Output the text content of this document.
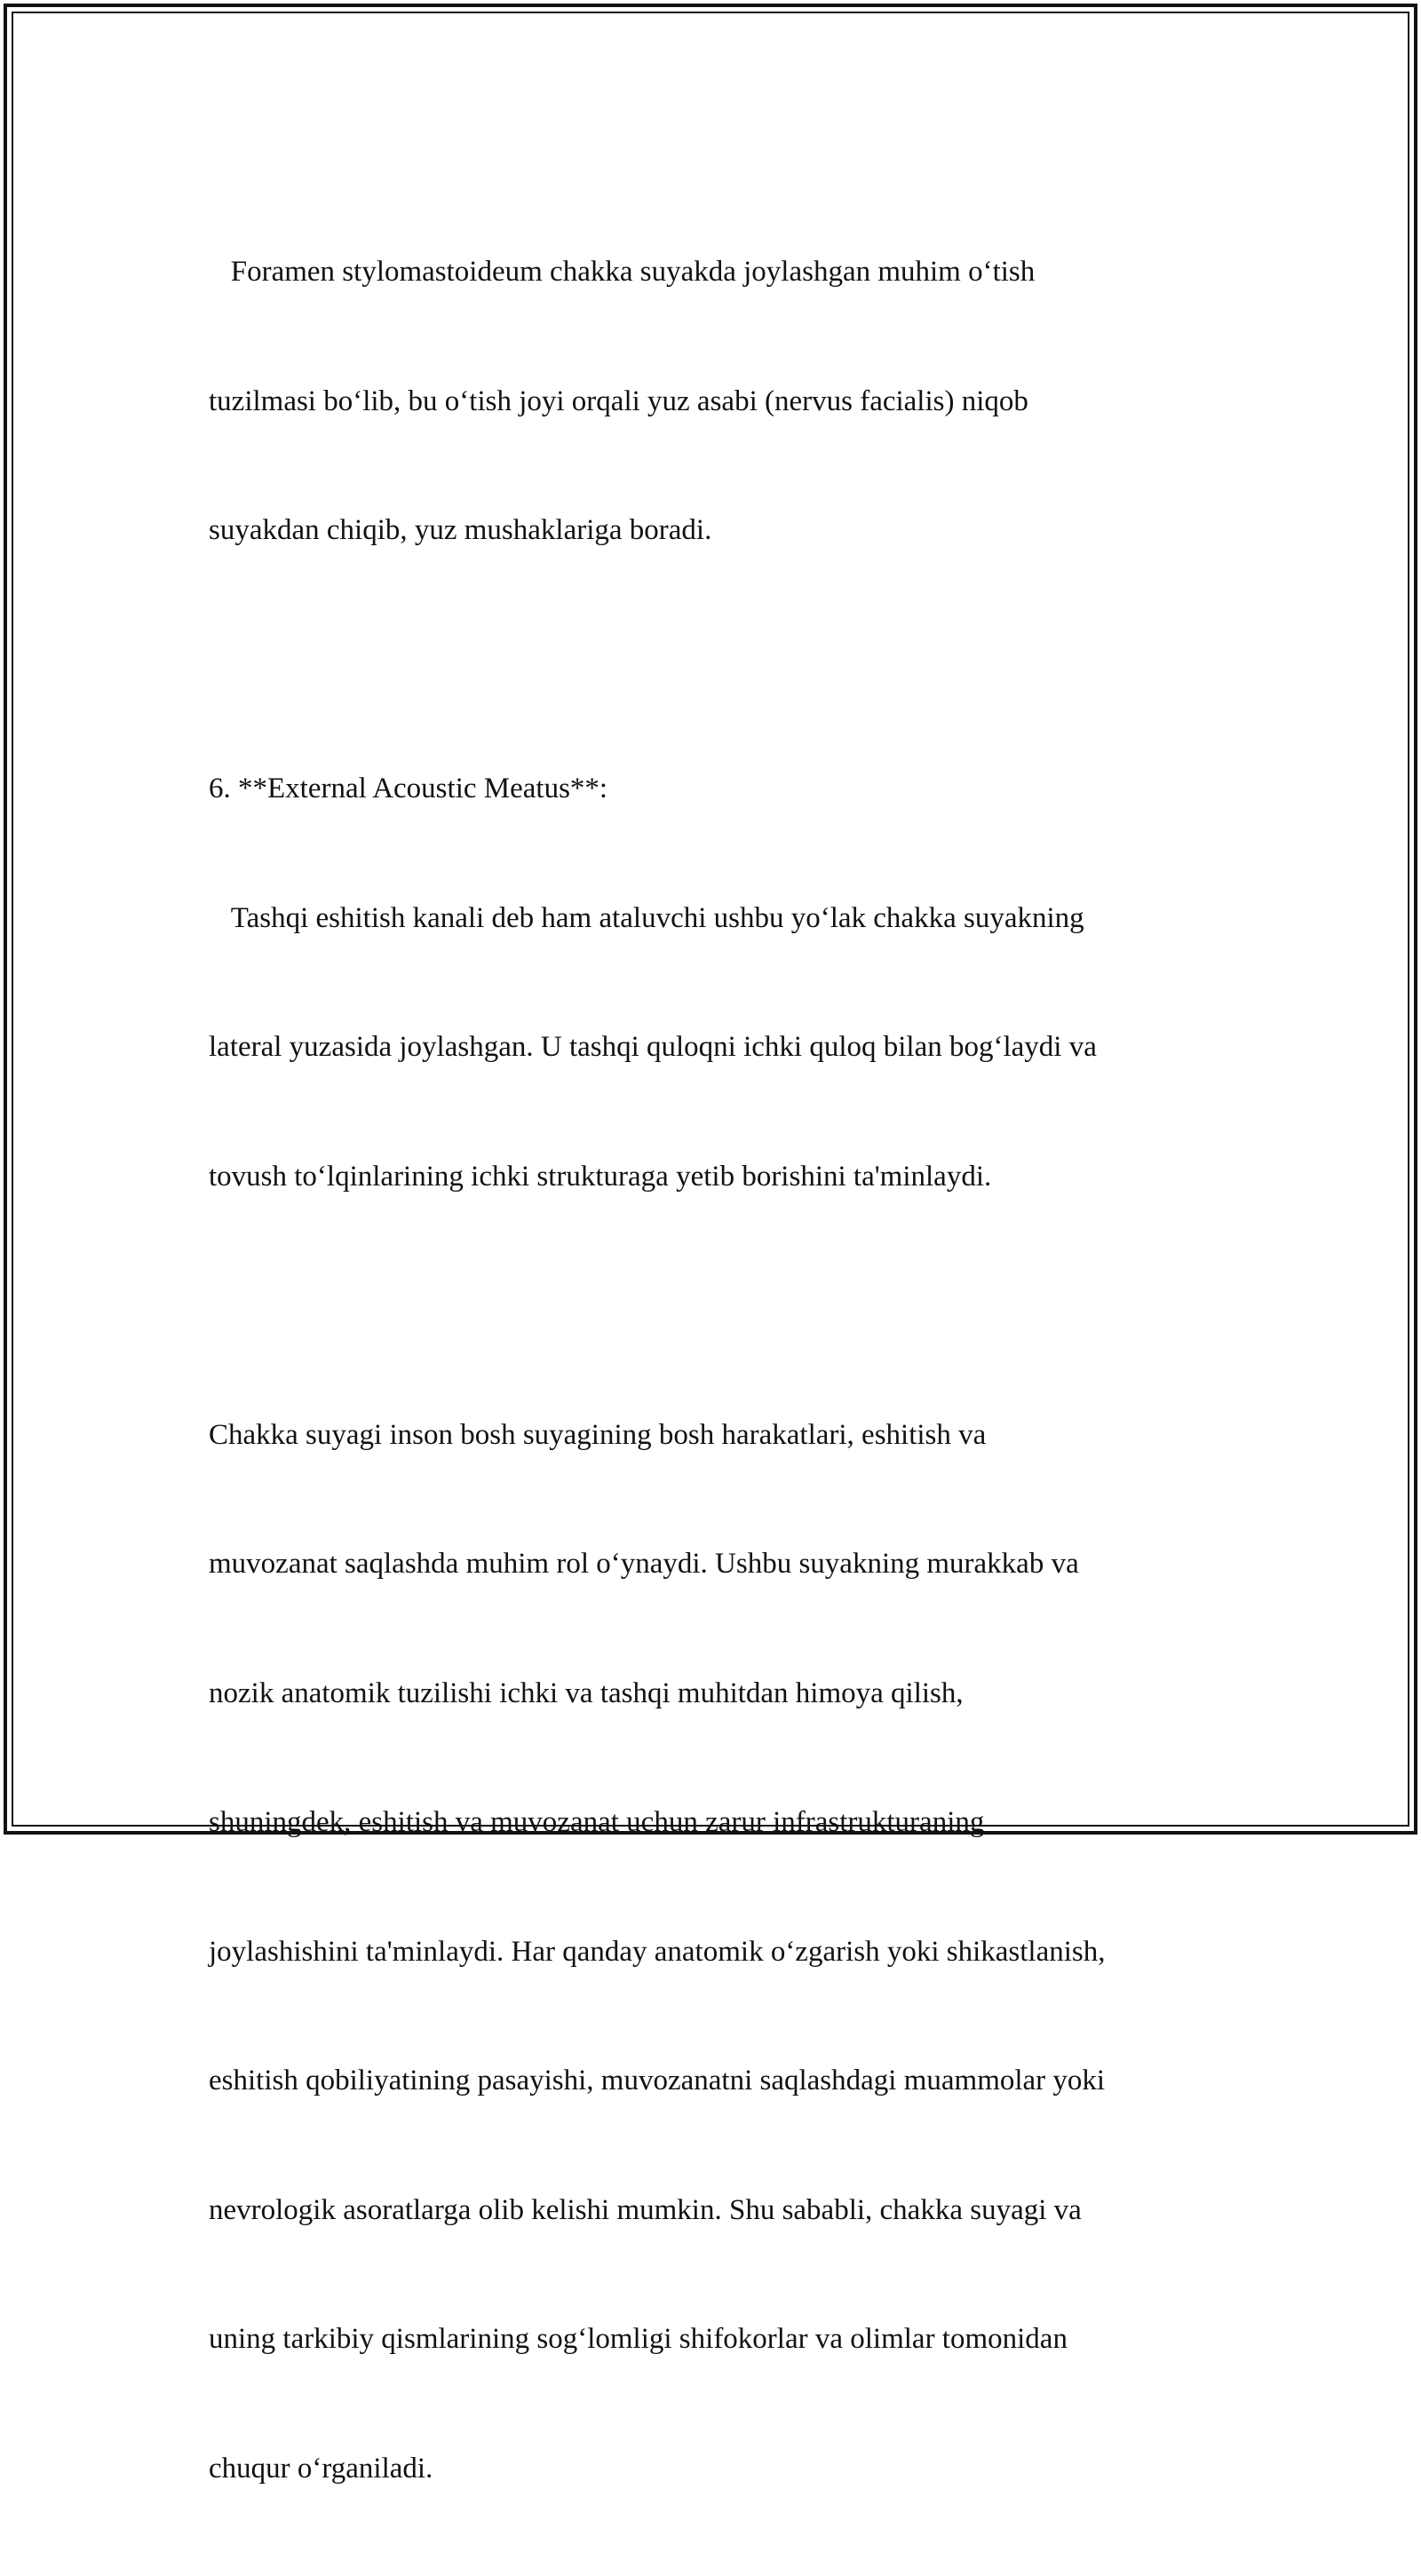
Foramen stylomastoideum chakka suyakda joylashgan muhim o‘tish

tuzilmasi bo‘lib, bu o‘tish joyi orqali yuz asabi (nervus facialis) niqob

suyakdan chiqib, yuz mushaklariga boradi.

6. **External Acoustic Meatus**:

Tashqi eshitish kanali deb ham ataluvchi ushbu yo‘lak chakka suyakning

lateral yuzasida joylashgan. U tashqi quloqni ichki quloq bilan bog‘laydi va

tovush to‘lqinlarining ichki strukturaga yetib borishini ta'minlaydi.

Chakka suyagi inson bosh suyagining bosh harakatlari, eshitish va

muvozanat saqlashda muhim rol o‘ynaydi. Ushbu suyakning murakkab va

nozik anatomik tuzilishi ichki va tashqi muhitdan himoya qilish,

shuningdek, eshitish va muvozanat uchun zarur infrastrukturaning

joylashishini ta'minlaydi. Har qanday anatomik o‘zgarish yoki shikastlanish,

eshitish qobiliyatining pasayishi, muvozanatni saqlashdagi muammolar yoki

nevrologik asoratlarga olib kelishi mumkin. Shu sababli, chakka suyagi va

uning tarkibiy qismlarining sog‘lomligi shifokorlar va olimlar tomonidan

chuqur o‘rganiladi.
